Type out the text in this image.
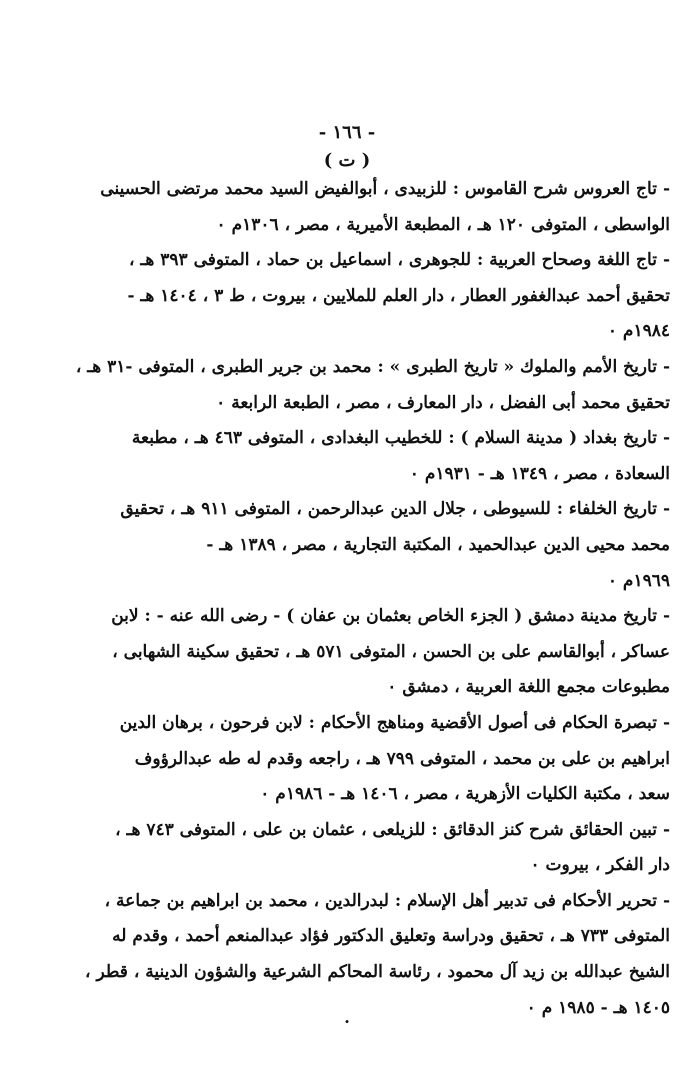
- ١٦٦ -
( ت )
-تاج العروس شرح القاموس : للزبيدى ، أبوالفيض السيد محمد مرتضى الحسينى
الواسطى ، المتوفى ١٢٠ هـ ، المطبعة الأميرية ، مصر ، ١٣٠٦م ٠
-تاج اللغة وصحاح العربية : للجوهرى ، اسماعيل بن حماد ، المتوفى ٣٩٣ هـ ،
تحقيق أحمد عبدالغفور العطار ، دار العلم للملايين ، بيروت ، ط ٣ ، ١٤٠٤ هـ -
١٩٨٤م ٠
-تاريخ الأمم والملوك « تاريخ الطبرى » : محمد بن جرير الطبرى ، المتوفى -٣١ هـ ،
تحقيق محمد أبى الفضل ، دار المعارف ، مصر ، الطبعة الرابعة ٠
-تاريخ بغداد ( مدينة السلام ) : للخطيب البغدادى ، المتوفى ٤٦٣ هـ ، مطبعة
السعادة ، مصر ، ١٣٤٩ هـ - ١٩٣١م ٠
-تاريخ الخلفاء : للسيوطى ، جلال الدين عبدالرحمن ، المتوفى ٩١١ هـ ، تحقيق
محمد محيى الدين عبدالحميد ، المكتبة التجارية ، مصر ، ١٣٨٩ هـ -
١٩٦٩م ٠
-تاريخ مدينة دمشق ( الجزء الخاص بعثمان بن عفان ) - رضى الله عنه - : لابن
عساكر ، أبوالقاسم على بن الحسن ، المتوفى ٥٧١ هـ ، تحقيق سكينة الشهابى ،
مطبوعات مجمع اللغة العربية ، دمشق ٠
-تبصرة الحكام فى أصول الأقضية ومناهج الأحكام : لابن فرحون ، برهان الدين
ابراهيم بن على بن محمد ، المتوفى ٧٩٩ هـ ، راجعه وقدم له طه عبدالرؤوف
سعد ، مكتبة الكليات الأزهرية ، مصر ، ١٤٠٦ هـ - ١٩٨٦م ٠
-تبين الحقائق شرح كنز الدقائق : للزيلعى ، عثمان بن على ، المتوفى ٧٤٣ هـ ،
دار الفكر ، بيروت ٠
-تحرير الأحكام فى تدبير أهل الإسلام : لبدرالدين ، محمد بن ابراهيم بن جماعة ،
المتوفى ٧٣٣ هـ ، تحقيق ودراسة وتعليق الدكتور فؤاد عبدالمنعم أحمد ، وقدم له
الشيخ عبدالله بن زيد آل محمود ، رئاسة المحاكم الشرعية والشؤون الدينية ، قطر ،
١٤٠٥ هـ - ١٩٨٥ م ٠
.
